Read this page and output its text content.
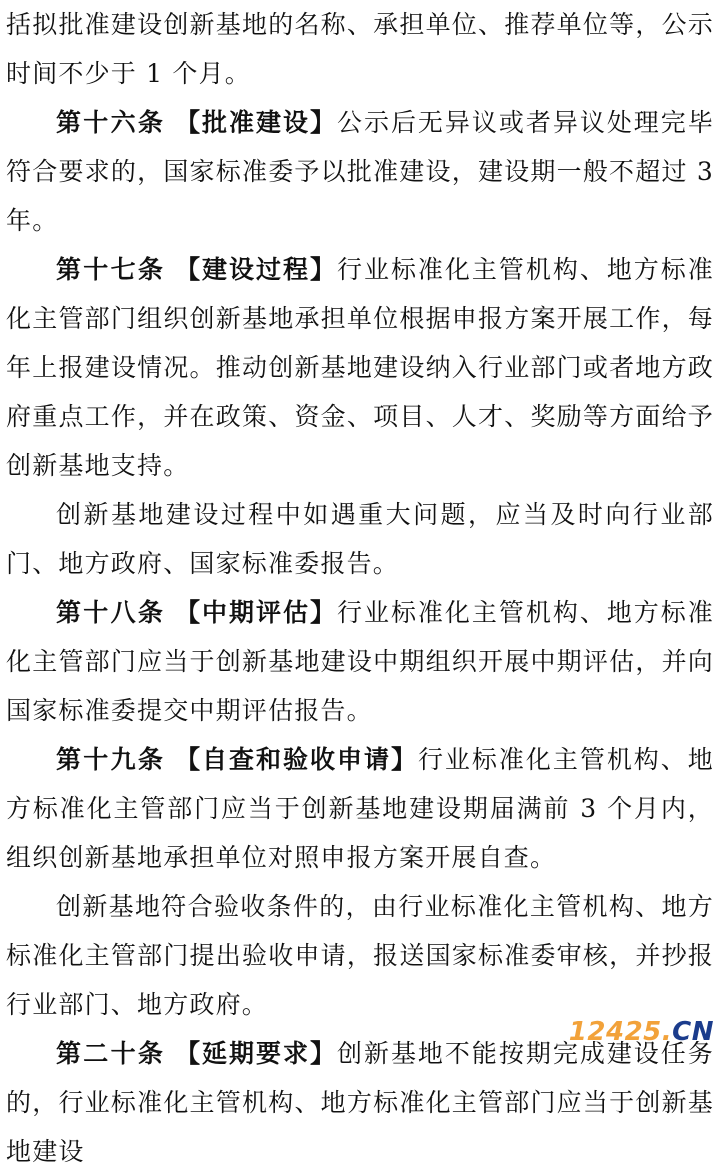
括拟批准建设创新基地的名称、承担单位、推荐单位等，公示时间不少于 1 个月。

第十六条 【批准建设】公示后无异议或者异议处理完毕符合要求的，国家标准委予以批准建设，建设期一般不超过 3 年。

第十七条 【建设过程】行业标准化主管机构、地方标准化主管部门组织创新基地承担单位根据申报方案开展工作，每年上报建设情况。推动创新基地建设纳入行业部门或者地方政府重点工作，并在政策、资金、项目、人才、奖励等方面给予创新基地支持。

创新基地建设过程中如遇重大问题，应当及时向行业部门、地方政府、国家标准委报告。

第十八条 【中期评估】行业标准化主管机构、地方标准化主管部门应当于创新基地建设中期组织开展中期评估，并向国家标准委提交中期评估报告。

第十九条 【自查和验收申请】行业标准化主管机构、地方标准化主管部门应当于创新基地建设期届满前 3 个月内，组织创新基地承担单位对照申报方案开展自查。

创新基地符合验收条件的，由行业标准化主管机构、地方标准化主管部门提出验收申请，报送国家标准委审核，并抄报行业部门、地方政府。

第二十条 【延期要求】创新基地不能按期完成建设任务的，行业标准化主管机构、地方标准化主管部门应当于创新基地建设

12425.CN
